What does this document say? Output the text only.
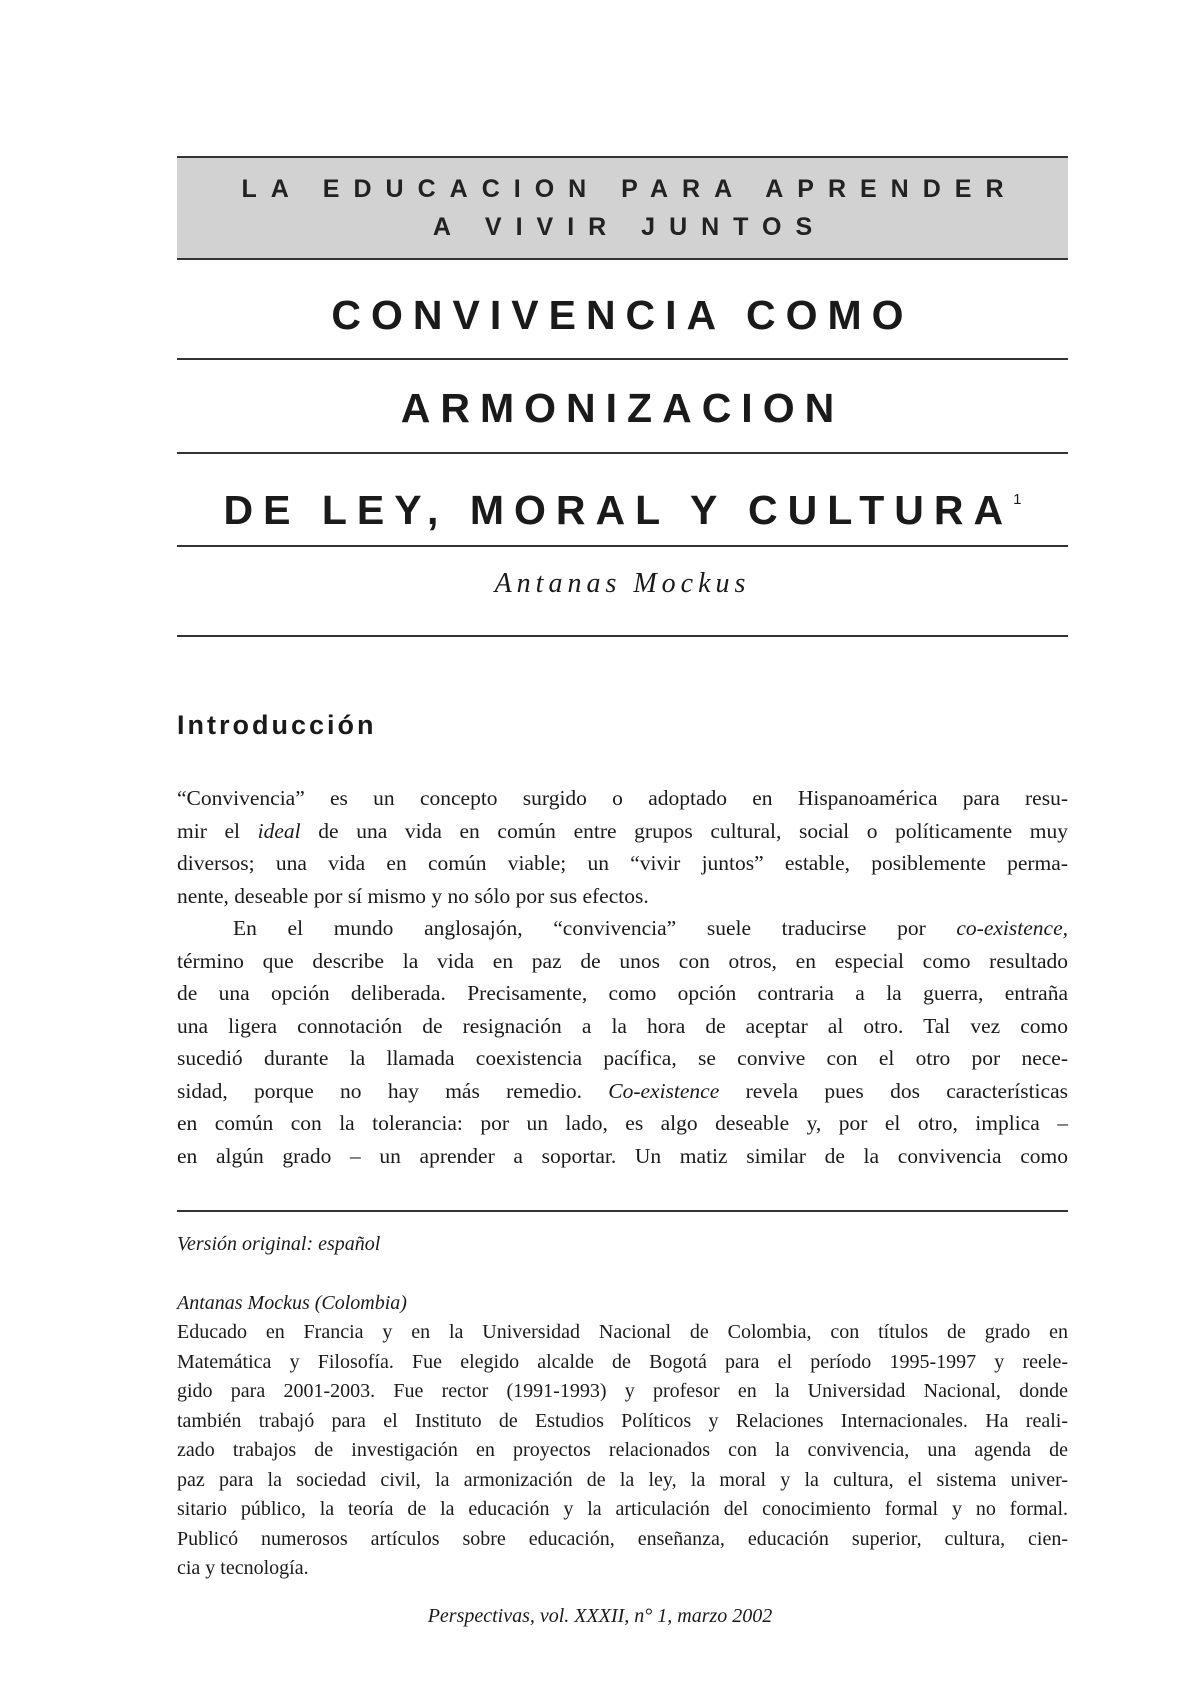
LA EDUCACION PARA APRENDER
A VIVIR JUNTOS
CONVIVENCIA COMO
ARMONIZACION
DE LEY, MORAL Y CULTURA$^1$
Antanas Mockus
Introducción

“Convivencia” es un concepto surgido o adoptado en Hispanoamérica para resu-

mir el ideal de una vida en común entre grupos cultural, social o políticamente muy

diversos; una vida en común viable; un “vivir juntos” estable, posiblemente perma-

nente, deseable por sí mismo y no sólo por sus efectos.

En el mundo anglosajón, “convivencia” suele traducirse por co-existence,

término que describe la vida en paz de unos con otros, en especial como resultado

de una opción deliberada. Precisamente, como opción contraria a la guerra, entraña

una ligera connotación de resignación a la hora de aceptar al otro. Tal vez como

sucedió durante la llamada coexistencia pacífica, se convive con el otro por nece-

sidad, porque no hay más remedio. Co-existence revela pues dos características

en común con la tolerancia: por un lado, es algo deseable y, por el otro, implica –

en algún grado – un aprender a soportar. Un matiz similar de la convivencia como

Versión original: español

Antanas Mockus (Colombia)

Educado en Francia y en la Universidad Nacional de Colombia, con títulos de grado en

Matemática y Filosofía. Fue elegido alcalde de Bogotá para el período 1995-1997 y reele-

gido para 2001-2003. Fue rector (1991-1993) y profesor en la Universidad Nacional, donde

también trabajó para el Instituto de Estudios Políticos y Relaciones Internacionales. Ha reali-

zado trabajos de investigación en proyectos relacionados con la convivencia, una agenda de

paz para la sociedad civil, la armonización de la ley, la moral y la cultura, el sistema univer-

sitario público, la teoría de la educación y la articulación del conocimiento formal y no formal.

Publicó numerosos artículos sobre educación, enseñanza, educación superior, cultura, cien-

cia y tecnología.

Perspectivas, vol. XXXII, n° 1, marzo 2002
